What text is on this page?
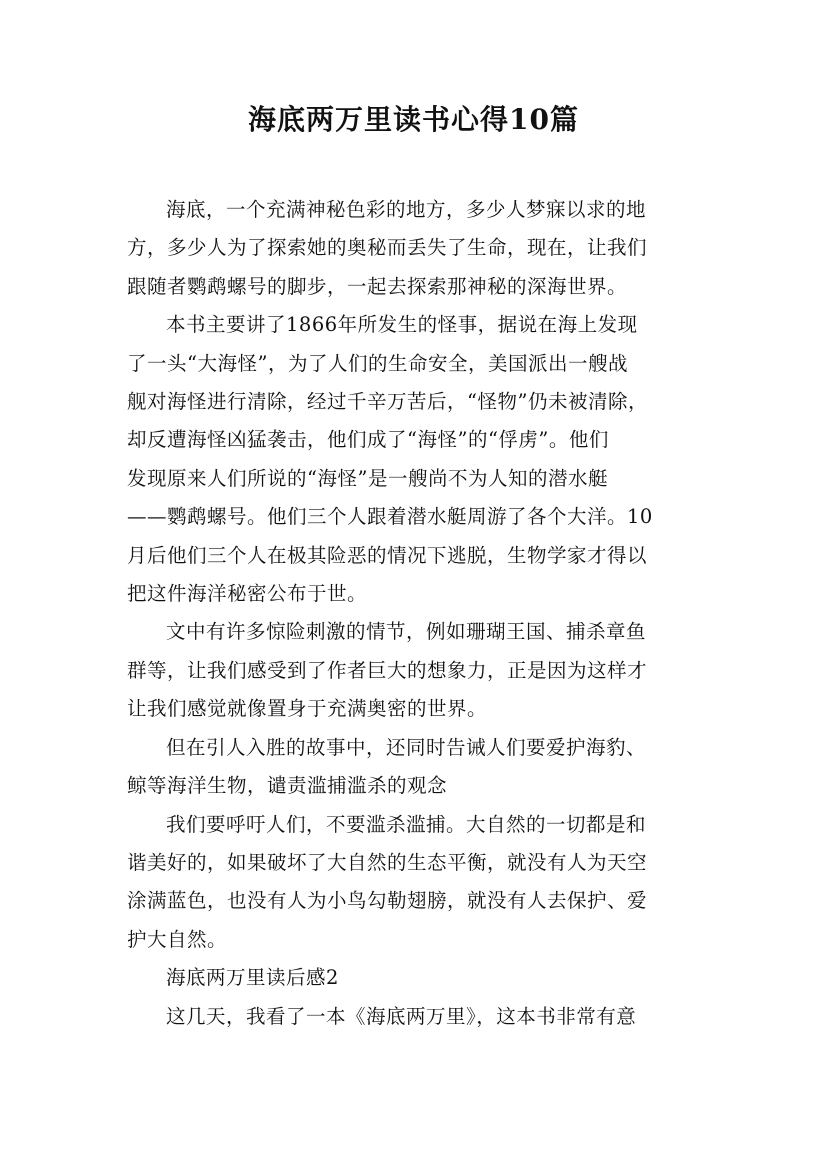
海底两万里读书心得10篇

海底，一个充满神秘色彩的地方，多少人梦寐以求的地

方，多少人为了探索她的奥秘而丢失了生命，现在，让我们

跟随者鹦鹉螺号的脚步，一起去探索那神秘的深海世界。

本书主要讲了1866年所发生的怪事，据说在海上发现

了一头“大海怪”，为了人们的生命安全，美国派出一艘战

舰对海怪进行清除，经过千辛万苦后，“怪物”仍未被清除，

却反遭海怪凶猛袭击，他们成了“海怪”的“俘虏”。他们

发现原来人们所说的“海怪”是一艘尚不为人知的潜水艇

——鹦鹉螺号。他们三个人跟着潜水艇周游了各个大洋。10

月后他们三个人在极其险恶的情况下逃脱，生物学家才得以

把这件海洋秘密公布于世。

文中有许多惊险刺激的情节，例如珊瑚王国、捕杀章鱼

群等，让我们感受到了作者巨大的想象力，正是因为这样才

让我们感觉就像置身于充满奥密的世界。

但在引人入胜的故事中，还同时告诫人们要爱护海豹、

鲸等海洋生物，谴责滥捕滥杀的观念

我们要呼吁人们，不要滥杀滥捕。大自然的一切都是和

谐美好的，如果破坏了大自然的生态平衡，就没有人为天空

涂满蓝色，也没有人为小鸟勾勒翅膀，就没有人去保护、爱

护大自然。

海底两万里读后感2

这几天，我看了一本《海底两万里》，这本书非常有意
